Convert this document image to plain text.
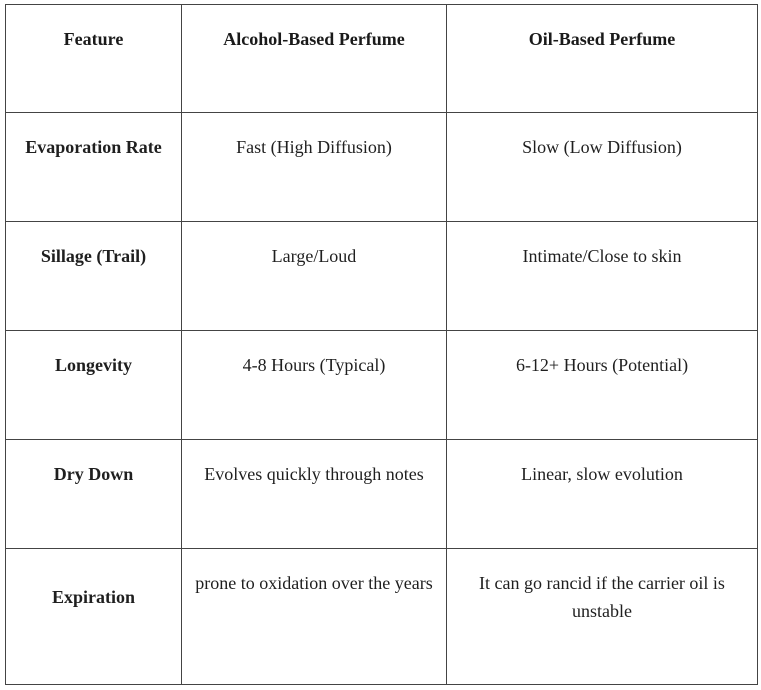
Feature	Alcohol-Based Perfume	Oil-Based Perfume
Evaporation Rate	Fast (High Diffusion)	Slow (Low Diffusion)
Sillage (Trail)	Large/Loud	Intimate/Close to skin
Longevity	4-8 Hours (Typical)	6-12+ Hours (Potential)
Dry Down	Evolves quickly through notes	Linear, slow evolution
Expiration	prone to oxidation over the years	It can go rancid if the carrier oil is unstable
